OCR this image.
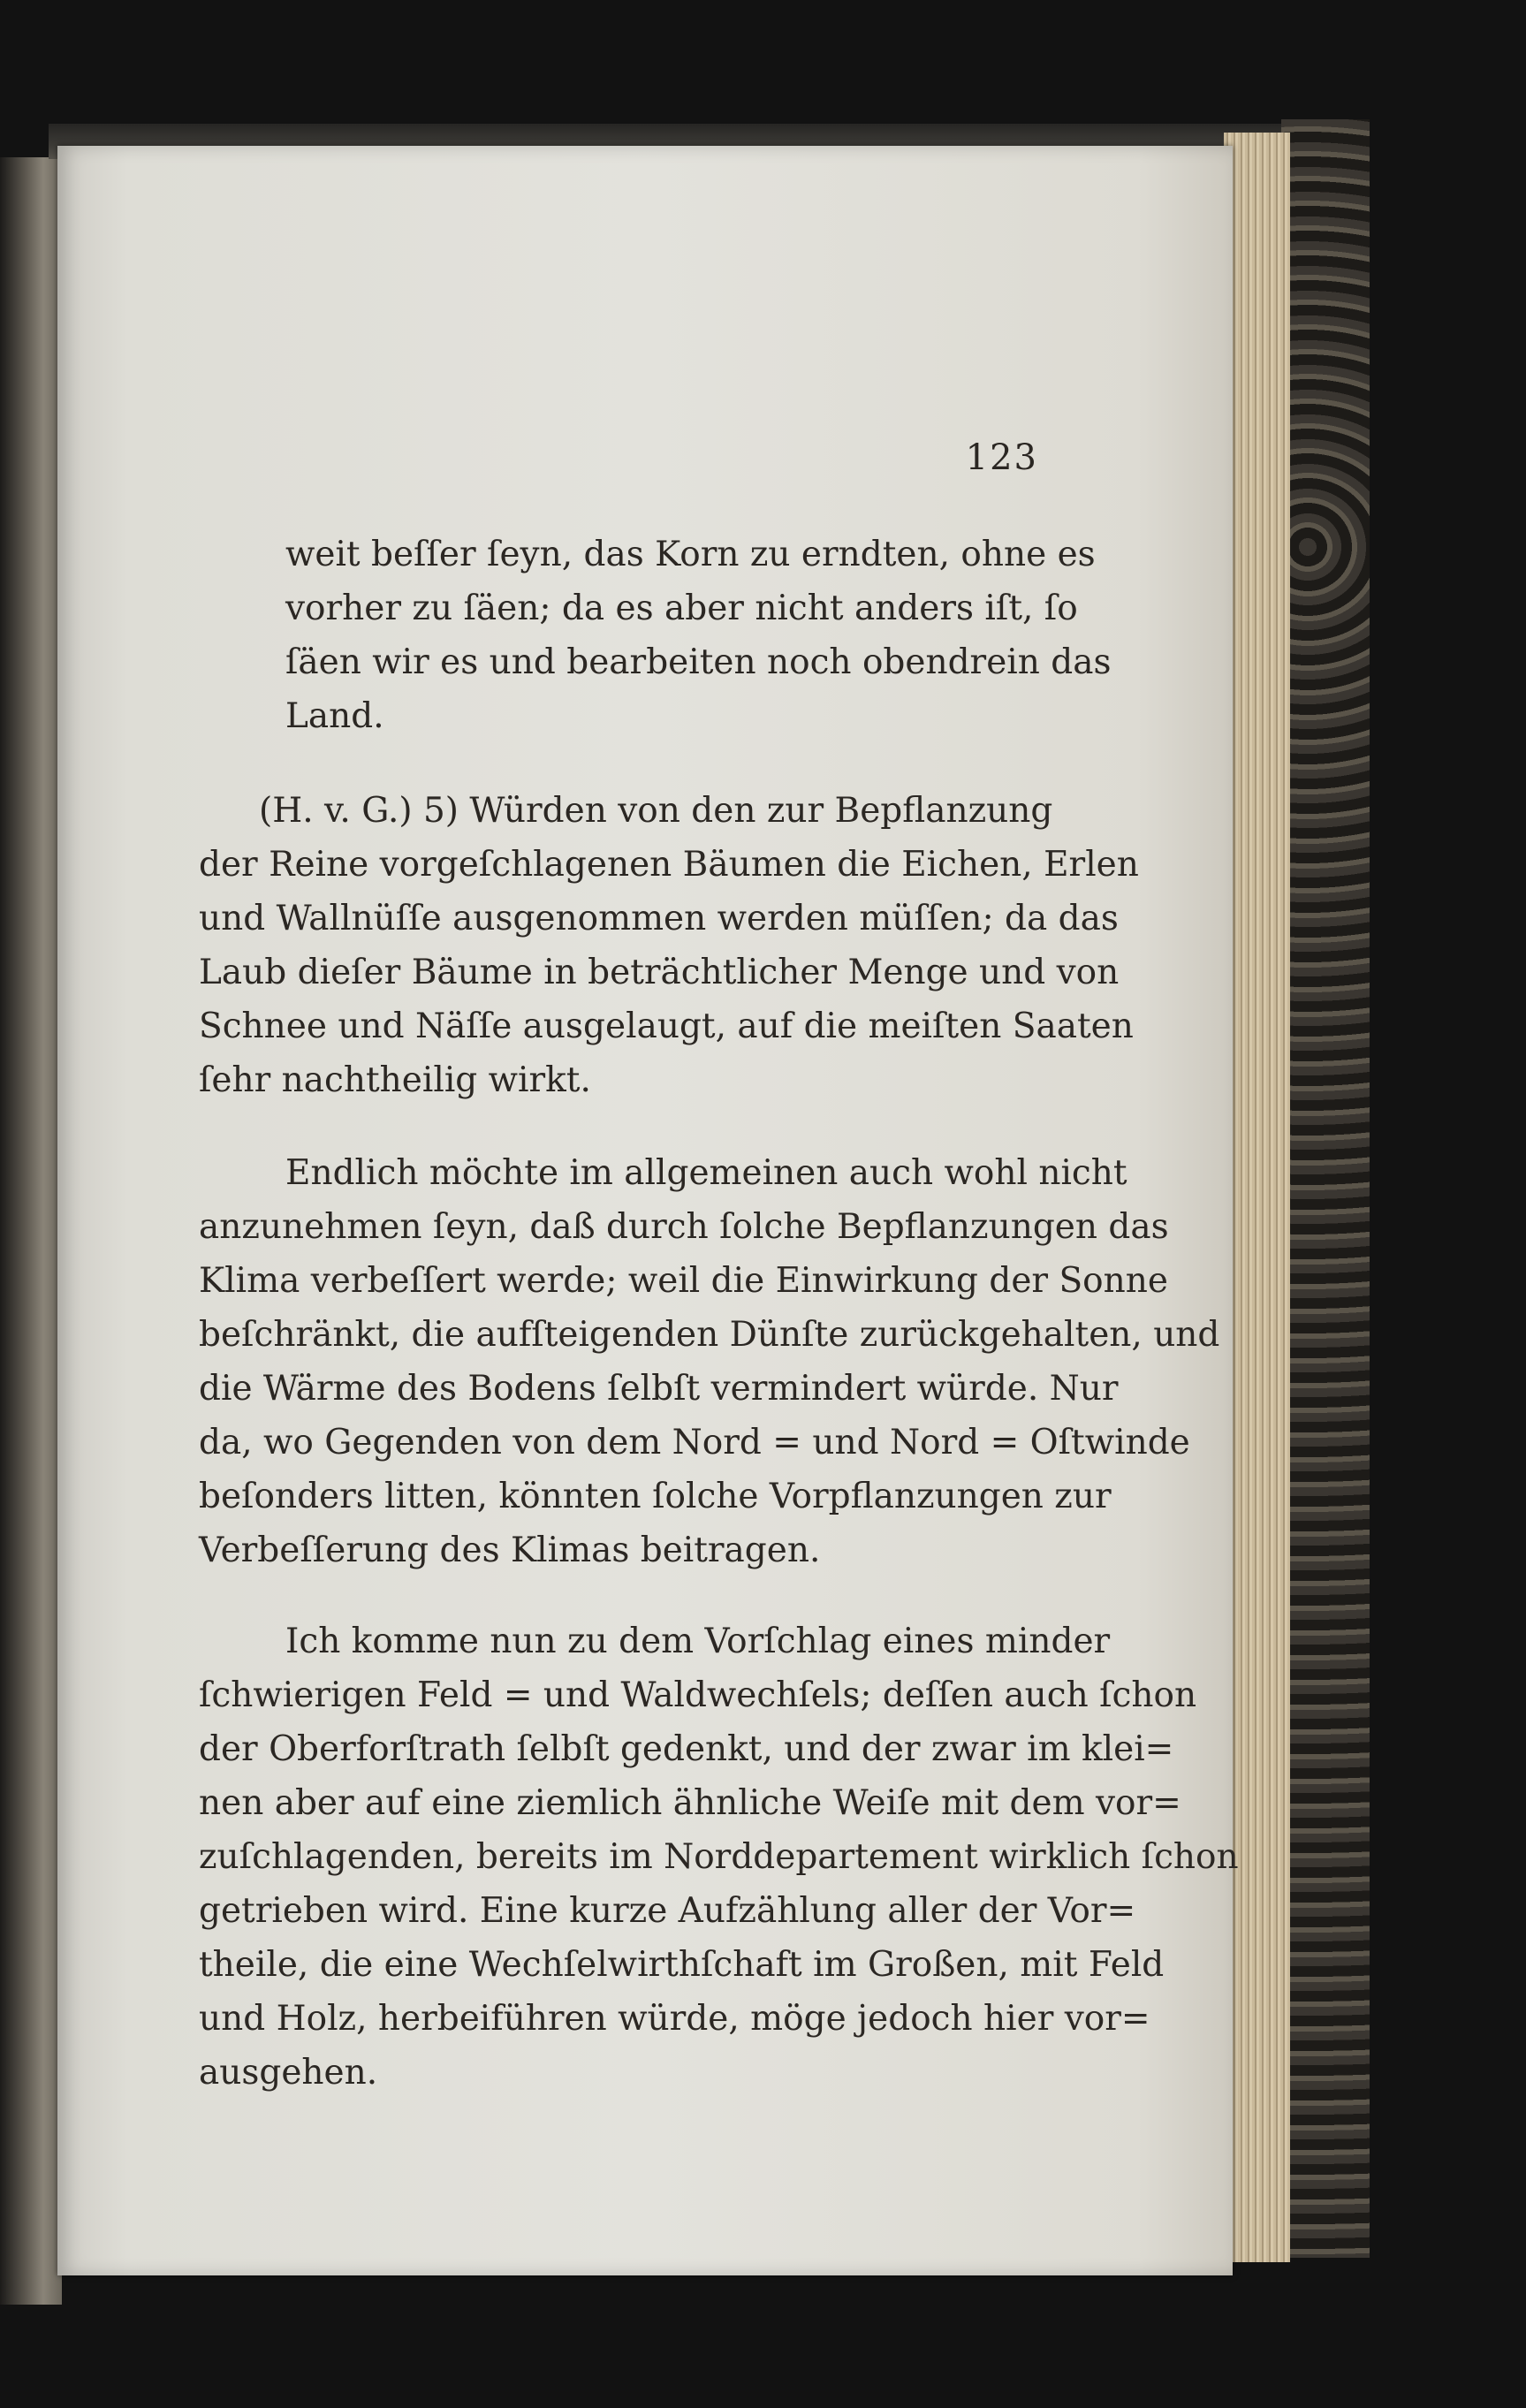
123
weit beſſer ſeyn, das Korn zu erndten, ohne es
vorher zu ſäen; da es aber nicht anders iſt, ſo
ſäen wir es und bearbeiten noch obendrein das
Land.
(H. v. G.) 5) Würden von den zur Bepflanzung
der Reine vorgeſchlagenen Bäumen die Eichen, Erlen
und Wallnüſſe ausgenommen werden müſſen; da das
Laub dieſer Bäume in beträchtlicher Menge und von
Schnee und Näſſe ausgelaugt, auf die meiſten Saaten
ſehr nachtheilig wirkt.
Endlich möchte im allgemeinen auch wohl nicht
anzunehmen ſeyn, daß durch ſolche Bepflanzungen das
Klima verbeſſert werde; weil die Einwirkung der Sonne
beſchränkt, die aufſteigenden Dünſte zurückgehalten, und
die Wärme des Bodens ſelbſt vermindert würde. Nur
da, wo Gegenden von dem Nord = und Nord = Oſtwinde
beſonders litten, könnten ſolche Vorpflanzungen zur
Verbeſſerung des Klimas beitragen.
Ich komme nun zu dem Vorſchlag eines minder
ſchwierigen Feld = und Waldwechſels; deſſen auch ſchon
der Oberforſtrath ſelbſt gedenkt, und der zwar im klei=
nen aber auf eine ziemlich ähnliche Weiſe mit dem vor=
zuſchlagenden, bereits im Norddepartement wirklich ſchon
getrieben wird. Eine kurze Aufzählung aller der Vor=
theile, die eine Wechſelwirthſchaft im Großen, mit Feld
und Holz, herbeiführen würde, möge jedoch hier vor=
ausgehen.
